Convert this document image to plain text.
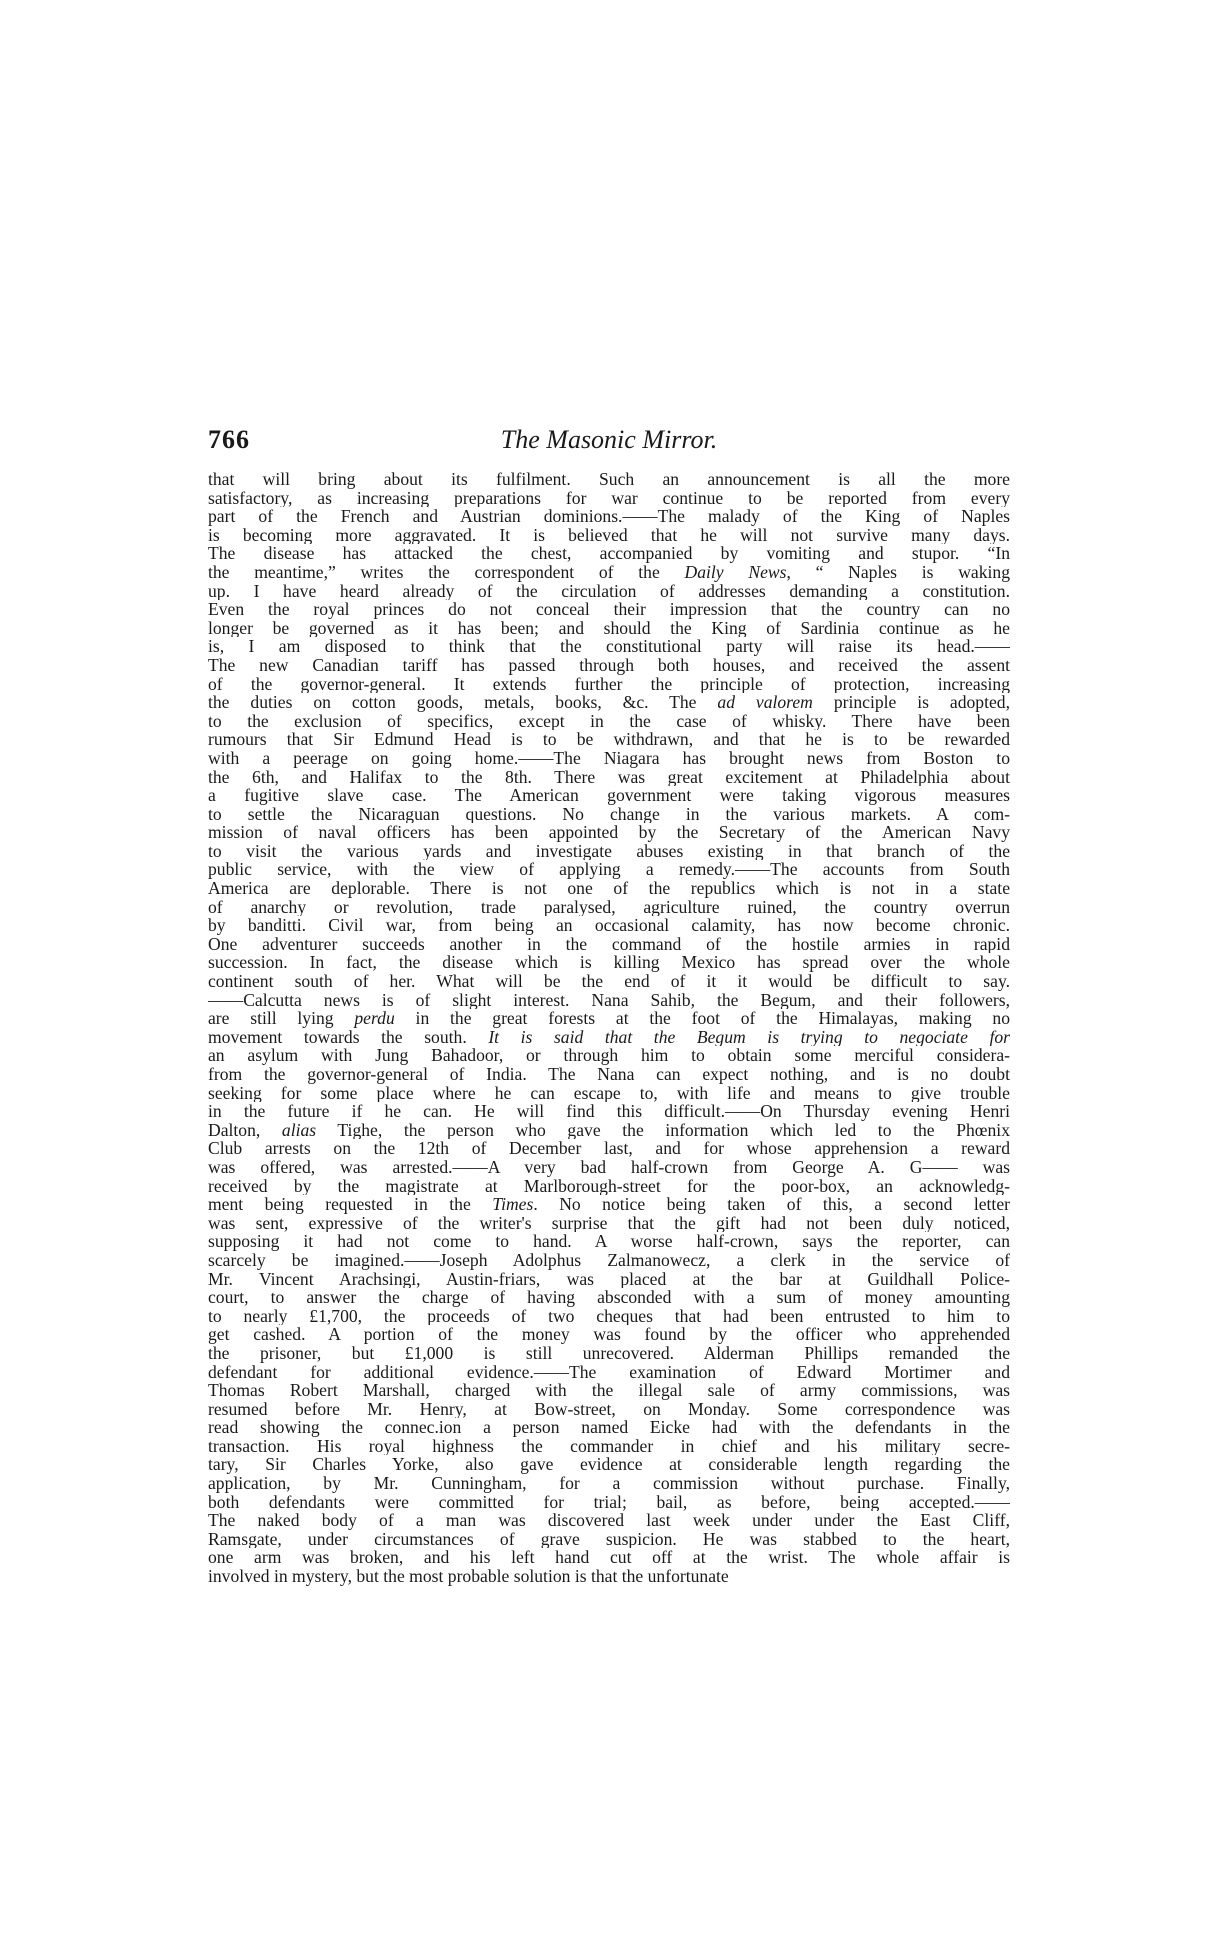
766	The Masonic Mirror.
that will bring about its fulfilment. Such an announcement is all the more
satisfactory, as increasing preparations for war continue to be reported from every
part of the French and Austrian dominions.——The malady of the King of Naples
is becoming more aggravated. It is believed that he will not survive many days.
The disease has attacked the chest, accompanied by vomiting and stupor. “In
the meantime,” writes the correspondent of the Daily News, “ Naples is waking
up. I have heard already of the circulation of addresses demanding a constitution.
Even the royal princes do not conceal their impression that the country can no
longer be governed as it has been; and should the King of Sardinia continue as he
is, I am disposed to think that the constitutional party will raise its head.——
The new Canadian tariff has passed through both houses, and received the assent
of the governor-general. It extends further the principle of protection, increasing
the duties on cotton goods, metals, books, &c. The ad valorem principle is adopted,
to the exclusion of specifics, except in the case of whisky. There have been
rumours that Sir Edmund Head is to be withdrawn, and that he is to be rewarded
with a peerage on going home.——The Niagara has brought news from Boston to
the 6th, and Halifax to the 8th. There was great excitement at Philadelphia about
a fugitive slave case. The American government were taking vigorous measures
to settle the Nicaraguan questions. No change in the various markets. A com-
mission of naval officers has been appointed by the Secretary of the American Navy
to visit the various yards and investigate abuses existing in that branch of the
public service, with the view of applying a remedy.——The accounts from South
America are deplorable. There is not one of the republics which is not in a state
of anarchy or revolution, trade paralysed, agriculture ruined, the country overrun
by banditti. Civil war, from being an occasional calamity, has now become chronic.
One adventurer succeeds another in the command of the hostile armies in rapid
succession. In fact, the disease which is killing Mexico has spread over the whole
continent south of her. What will be the end of it it would be difficult to say.
——Calcutta news is of slight interest. Nana Sahib, the Begum, and their followers,
are still lying perdu in the great forests at the foot of the Himalayas, making no
movement towards the south. It is said that the Begum is trying to negociate for
an asylum with Jung Bahadoor, or through him to obtain some merciful considera-
from the governor-general of India. The Nana can expect nothing, and is no doubt
seeking for some place where he can escape to, with life and means to give trouble
in the future if he can. He will find this difficult.——On Thursday evening Henri
Dalton, alias Tighe, the person who gave the information which led to the Phœnix
Club arrests on the 12th of December last, and for whose apprehension a reward
was offered, was arrested.——A very bad half-crown from George A. G—— was
received by the magistrate at Marlborough-street for the poor-box, an acknowledg-
ment being requested in the Times. No notice being taken of this, a second letter
was sent, expressive of the writer's surprise that the gift had not been duly noticed,
supposing it had not come to hand. A worse half-crown, says the reporter, can
scarcely be imagined.——Joseph Adolphus Zalmanowecz, a clerk in the service of
Mr. Vincent Arachsingi, Austin-friars, was placed at the bar at Guildhall Police-
court, to answer the charge of having absconded with a sum of money amounting
to nearly £1,700, the proceeds of two cheques that had been entrusted to him to
get cashed. A portion of the money was found by the officer who apprehended
the prisoner, but £1,000 is still unrecovered. Alderman Phillips remanded the
defendant for additional evidence.——The examination of Edward Mortimer and
Thomas Robert Marshall, charged with the illegal sale of army commissions, was
resumed before Mr. Henry, at Bow-street, on Monday. Some correspondence was
read showing the connec.ion a person named Eicke had with the defendants in the
transaction. His royal highness the commander in chief and his military secre-
tary, Sir Charles Yorke, also gave evidence at considerable length regarding the
application, by Mr. Cunningham, for a commission without purchase. Finally,
both defendants were committed for trial; bail, as before, being accepted.——
The naked body of a man was discovered last week under under the East Cliff,
Ramsgate, under circumstances of grave suspicion. He was stabbed to the heart,
one arm was broken, and his left hand cut off at the wrist. The whole affair is
involved in mystery, but the most probable solution is that the unfortunate
